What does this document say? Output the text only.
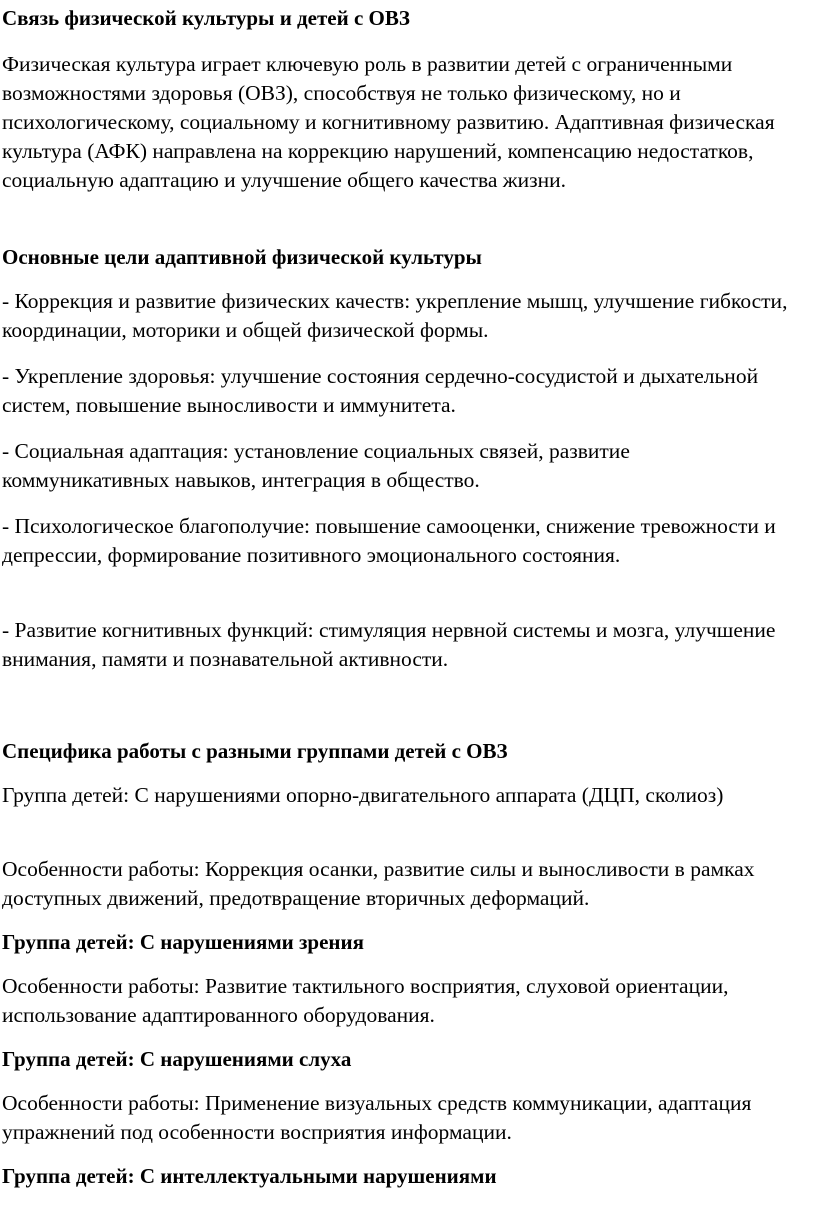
Связь физической культуры и детей с ОВЗ
Физическая культура играет ключевую роль в развитии детей с ограниченными возможностями здоровья (ОВЗ), способствуя не только физическому, но и психологическому, социальному и когнитивному развитию. Адаптивная физическая культура (АФК) направлена на коррекцию нарушений, компенсацию недостатков, социальную адаптацию и улучшение общего качества жизни.
Основные цели адаптивной физической культуры
- Коррекция и развитие физических качеств: укрепление мышц, улучшение гибкости, координации, моторики и общей физической формы.
- Укрепление здоровья: улучшение состояния сердечно-сосудистой и дыхательной систем, повышение выносливости и иммунитета.
- Социальная адаптация: установление социальных связей, развитие коммуникативных навыков, интеграция в общество.
- Психологическое благополучие: повышение самооценки, снижение тревожности и депрессии, формирование позитивного эмоционального состояния.
- Развитие когнитивных функций: стимуляция нервной системы и мозга, улучшение внимания, памяти и познавательной активности.
Специфика работы с разными группами детей с ОВЗ
Группа детей: С нарушениями опорно-двигательного аппарата (ДЦП, сколиоз)
Особенности работы: Коррекция осанки, развитие силы и выносливости в рамках доступных движений, предотвращение вторичных деформаций.
Группа детей: С нарушениями зрения
Особенности работы: Развитие тактильного восприятия, слуховой ориентации, использование адаптированного оборудования.
Группа детей: С нарушениями слуха
Особенности работы: Применение визуальных средств коммуникации, адаптация упражнений под особенности восприятия информации.
Группа детей: С интеллектуальными нарушениями
